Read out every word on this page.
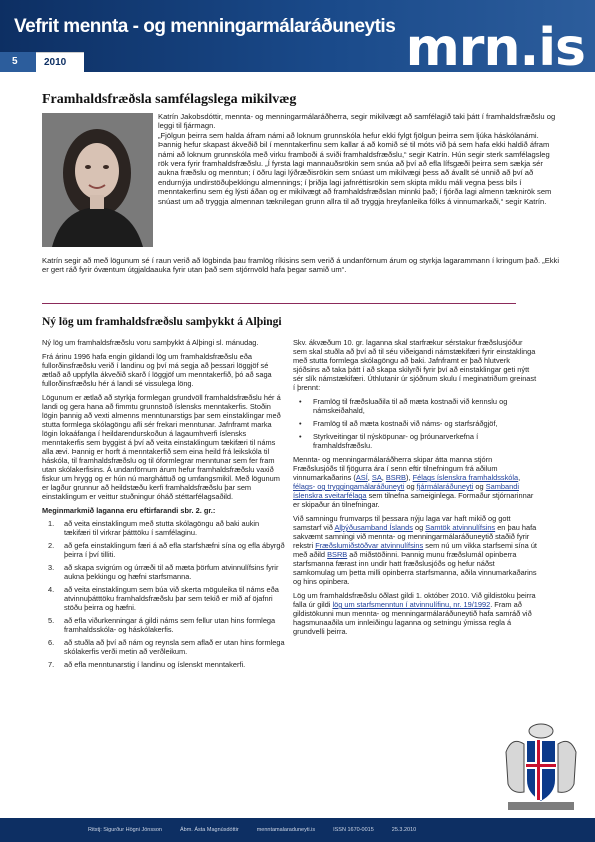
Vefrit mennta - og menningarmálaráðuneytis mrn.is
5	2010
Framhaldsfræðsla samfélagslega mikilvæg

Katrín Jakobsdóttir, mennta- og menningarmálaráðherra, segir mikilvægt að samfélagið taki þátt í framhaldsfræðslu og leggi til fjármagn.

„Fjölgun þeirra sem halda áfram námi að loknum grunnskóla hefur ekki fylgt fjölgun þeirra sem ljúka háskólanámi. Þannig hefur skapast ákveðið bil í menntakerfinu sem kallar á að komið sé til móts við þá sem hafa ekki haldið áfram námi að loknum grunnskóla með virku framboði á sviði framhaldsfræðslu,“ segir Katrín. Hún segir sterk samfélagsleg rök vera fyrir framhaldsfræðslu. „Í fyrsta lagi mannauðsrökin sem snúa að því að efla lífsgæði þeirra sem sækja sér aukna fræðslu og menntun; í öðru lagi lýðræðisrökin sem snúast um mikilvægi þess að ávallt sé unnið að því að endurnýja undirstöðuþekkingu almennings; í þriðja lagi jafnréttisrökin sem skipta miklu máli vegna þess bils í menntakerfinu sem ég lýsti áðan og er mikilvægt að framhaldsfræðslan minnki það; í fjórða lagi almenn tæknirök sem snúast um að tryggja almennan tæknilegan grunn allra til að tryggja hreyfanleika fólks á vinnumarkaði,“ segir Katrín.

Katrín segir að með lögunum sé í raun verið að lögbinda þau framlög ríkisins sem verið á undanförnum árum og styrkja lagarammann í kringum það. „Ekki er gert ráð fyrir óvæntum útgjaldaauka fyrir utan það sem stjórnvöld hafa þegar samið um“.
Ný lög um framhaldsfræðslu samþykkt á Alþingi

Ný lög um framhaldsfræðslu voru samþykkt á Alþingi sl. mánudag.

Frá árinu 1996 hafa engin gildandi lög um framhaldsfræðslu eða fullorðinsfræðslu verið í landinu og því má segja að þessari löggjöf sé ætlað að uppfylla ákveðið skarð í löggjöf um menntakerfið, þó að saga fullorðinsfræðslu hér á landi sé vissulega löng.

Lögunum er ætlað að styrkja formlegan grundvöll framhaldsfræðslu hér á landi og gera hana að fimmtu grunnstoð íslensks menntakerfis. Stoðin lögin þannig að vexti almenns menntunarstigs þar sem einstaklingar með stutta formlega skólagöngu afli sér frekari menntunar. Jafnframt marka lögin lokaáfanga í heildarendurskoðun á lagaumhverfi íslensks menntakerfis sem byggist á því að veita einstaklingum tækifæri til náms alla ævi. Þannig er horft á menntakerfið sem eina heild frá leikskóla til háskóla, til framhaldsfræðslu og til óformlegrar menntunar sem fer fram utan skólakerfisins. Á undanförnum árum hefur framhaldsfræðslu vaxið fiskur um hrygg og er hún nú margháttuð og umfangsmikil. Með lögunum er lagður grunnur að heildstæðu kerfi framhaldsfræðslu þar sem einstaklingum er veittur stuðningur óháð stéttarfélagsaðild.

Meginmarkmið laganna eru eftirfarandi sbr. 2. gr.:

1. að veita einstaklingum með stutta skólagöngu að baki aukin tækifæri til virkrar þátttöku í samfélaginu.
2. að gefa einstaklingum færi á að efla starfshæfni sína og efla ábyrgð þeirra í því tilliti.
3. að skapa svigrúm og úrræði til að mæta þörfum atvinnulífsins fyrir aukna þekkingu og hæfni starfsmanna.
4. að veita einstaklingum sem búa við skerta möguleika til náms eða atvinnuþátttöku framhaldsfræðslu þar sem tekið er mið af öjafnri stöðu þeirra og hæfni.
5. að efla viðurkenningar á gildi náms sem fellur utan hins formlega framhaldsskóla- og háskólakerfis.
6. að stuðla að því að nám og reynsla sem aflað er utan hins formlega skólakerfis verði metin að verðleikum.
7. að efla menntunarstig í landinu og íslenskt menntakerfi.

Skv. ákvæðum 10. gr. laganna skal starfrækur sérstakur fræðslusjóður sem skal stuðla að því að til séu viðeigandi námstækifæri fyrir einstaklinga með stutta formlega skólagöngu að baki. Jafnframt er það hlutverk sjóðsins að taka þátt í að skapa skilyrði fyrir því að einstaklingar geti nýtt sér slík námstækifæri. Úthlutanir úr sjóðnum skulu í meginatriðum greinast í þrennt:

• Framlög til fræðsluaðila til að mæta kostnaði við kennslu og námskeiðahald,
• Framlög til að mæta kostnaði við náms- og starfsráðgjöf,
• Styrkveitingar til nýsköpunar- og þróunarverkefna í framhaldsfræðslu.

Mennta- og menningarmálaráðherra skipar átta manna stjórn Fræðslusjóðs til fjögurra ára í senn eftir tilnefningum frá aðilum vinnumarkaðarins (ASÍ, SA, BSRB), Félags íslenskra framhaldsskóla, félags- og tryggingamálaráðuneyti og fjármálaráðuneyti og Sambandi íslenskra sveitarfélaga sem tilnefna sameiginlega. Formaður stjórnarinnar er skipaður án tilnefningar.

Við samningu frumvarps til þessara nýju laga var haft mikið og gott samstarf við Alþýðusamband Íslands og Samtök atvinnulífsins en þau hafa sakvæmt samningi við mennta- og menningarmálaráðuneytið staðið fyrir rekstri Fræðslumiðstöðvar atvinnulífsins sem nú um vikka starfsemi sína út með aðild BSRB að miðstöðinni. Þannig munu fræðslumál opinberra starfsmanna færast inn undir hatt fræðslusjóðs og hefur náðst samkomulag um þetta milli opinberra starfsmanna, aðila vinnumarkaðarins og hins opinbera.

Lög um framhaldsfræðslu öðlast gildi 1. október 2010. Við gildistöku þeirra falla úr gildi lög um starfsmenntun í atvinnulífinu, nr. 19/1992. Fram að gildistökunni mun mennta- og menningarmálaráðuneytið hafa samráð við hagsmunaaðila um innleiðingu laganna og setningu ýmissa regla á grundvelli þeirra.

Ritstj: Sigurður Högni Jónsson	Ábm. Ásta Magnúsdóttir	menntamalaraduneyti.is	ISSN 1670-0015	25.3.2010
